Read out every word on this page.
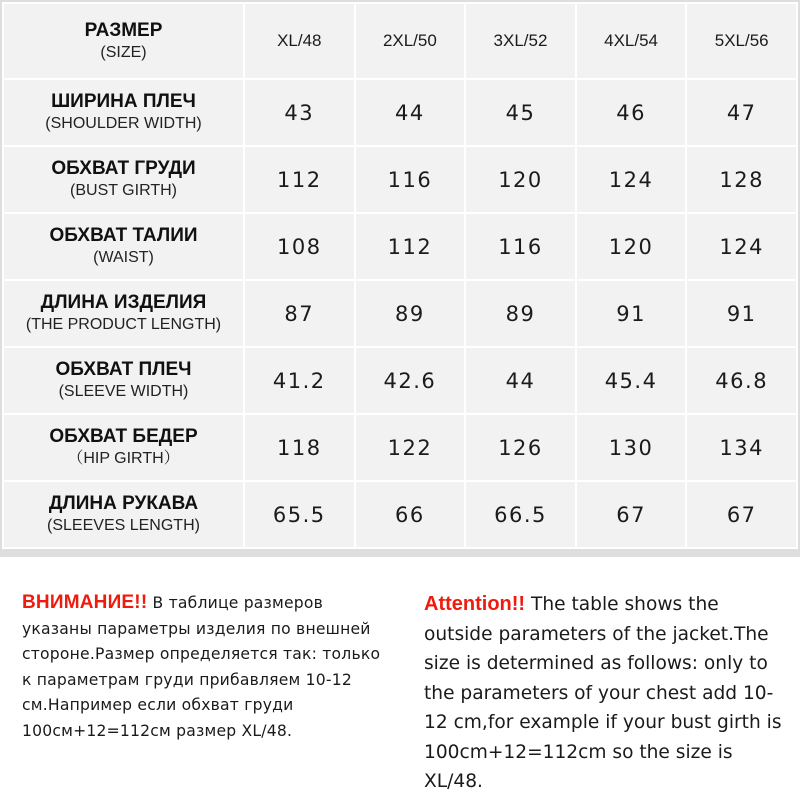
РАЗМЕР
(SIZE)	XL/48	2XL/50	3XL/52	4XL/54	5XL/56

ШИРИНА ПЛЕЧ
(SHOULDER WIDTH)	43	44	45	46	47

ОБХВАТ ГРУДИ
(BUST GIRTH)	112	116	120	124	128

ОБХВАТ ТАЛИИ
(WAIST)	108	112	116	120	124

ДЛИНА ИЗДЕЛИЯ
(THE PRODUCT LENGTH)	87	89	89	91	91

ОБХВАТ ПЛЕЧ
(SLEEVE WIDTH)	41.2	42.6	44	45.4	46.8

ОБХВАТ БЕДЕР
（HIP GIRTH）	118	122	126	130	134

ДЛИНА РУКАВА
(SLEEVES LENGTH)	65.5	66	66.5	67	67
ВНИМАНИЕ!! В таблице размеров указаны параметры изделия по внешней стороне.Размер определяется так: только к параметрам груди прибавляем 10-12 см.Например если обхват груди 100см+12=112см размер XL/48.
Attention!! The table shows the outside parameters of the jacket.The size is determined as follows: only to the parameters of your chest add 10-12 cm,for example if your bust girth is 100cm+12=112cm so the size is XL/48.
